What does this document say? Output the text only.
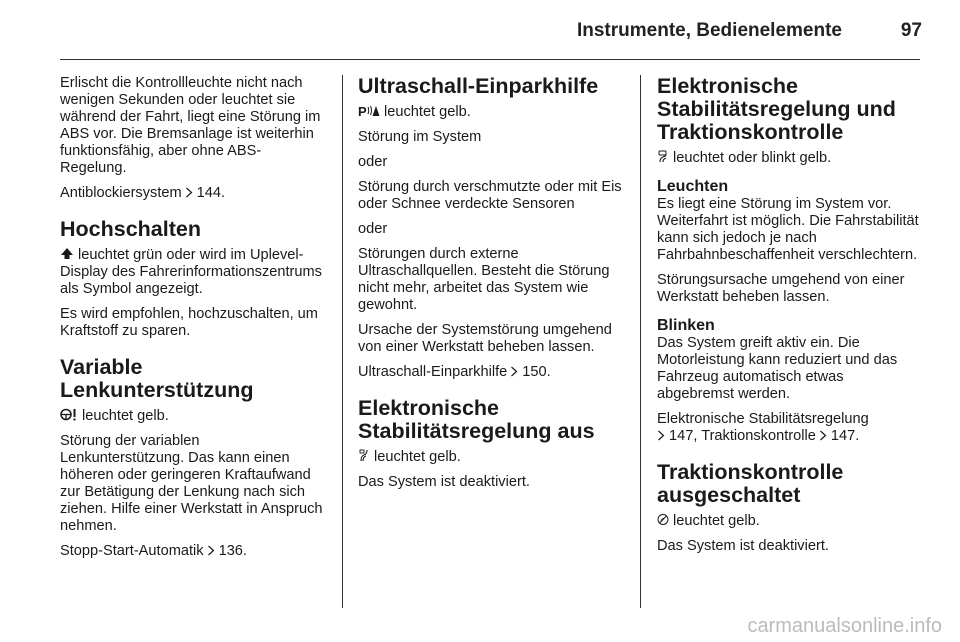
Instrumente, Bedienelemente	97

Erlischt die Kontrollleuchte nicht nach wenigen Sekunden oder leuchtet sie während der Fahrt, liegt eine Störung im ABS vor. Die Bremsanlage ist weiterhin funktionsfähig, aber ohne ABS-Regelung.

Antiblockiersystem 144.

Hochschalten

leuchtet grün oder wird im Uplevel-Display des Fahrerinformationszentrums als Symbol angezeigt.

Es wird empfohlen, hochzuschalten, um Kraftstoff zu sparen.

Variable Lenkunterstützung

leuchtet gelb.

Störung der variablen Lenkunterstützung. Das kann einen höheren oder geringeren Kraftaufwand zur Betätigung der Lenkung nach sich ziehen. Hilfe einer Werkstatt in Anspruch nehmen.

Stopp-Start-Automatik 136.

Ultraschall-Einparkhilfe

P leuchtet gelb.

Störung im System

oder

Störung durch verschmutzte oder mit Eis oder Schnee verdeckte Sensoren

oder

Störungen durch externe Ultraschallquellen. Besteht die Störung nicht mehr, arbeitet das System wie gewohnt.

Ursache der Systemstörung umgehend von einer Werkstatt beheben lassen.

Ultraschall-Einparkhilfe 150.

Elektronische Stabilitätsregelung aus

leuchtet gelb.

Das System ist deaktiviert.

Elektronische Stabilitätsregelung und Traktionskontrolle

leuchtet oder blinkt gelb.

Leuchten

Es liegt eine Störung im System vor. Weiterfahrt ist möglich. Die Fahrstabilität kann sich jedoch je nach Fahrbahnbeschaffenheit verschlechtern.

Störungsursache umgehend von einer Werkstatt beheben lassen.

Blinken

Das System greift aktiv ein. Die Motorleistung kann reduziert und das Fahrzeug automatisch etwas abgebremst werden.

Elektronische Stabilitätsregelung
147, Traktionskontrolle 147.

Traktionskontrolle ausgeschaltet

leuchtet gelb.

Das System ist deaktiviert.

carmanualsonline.info
